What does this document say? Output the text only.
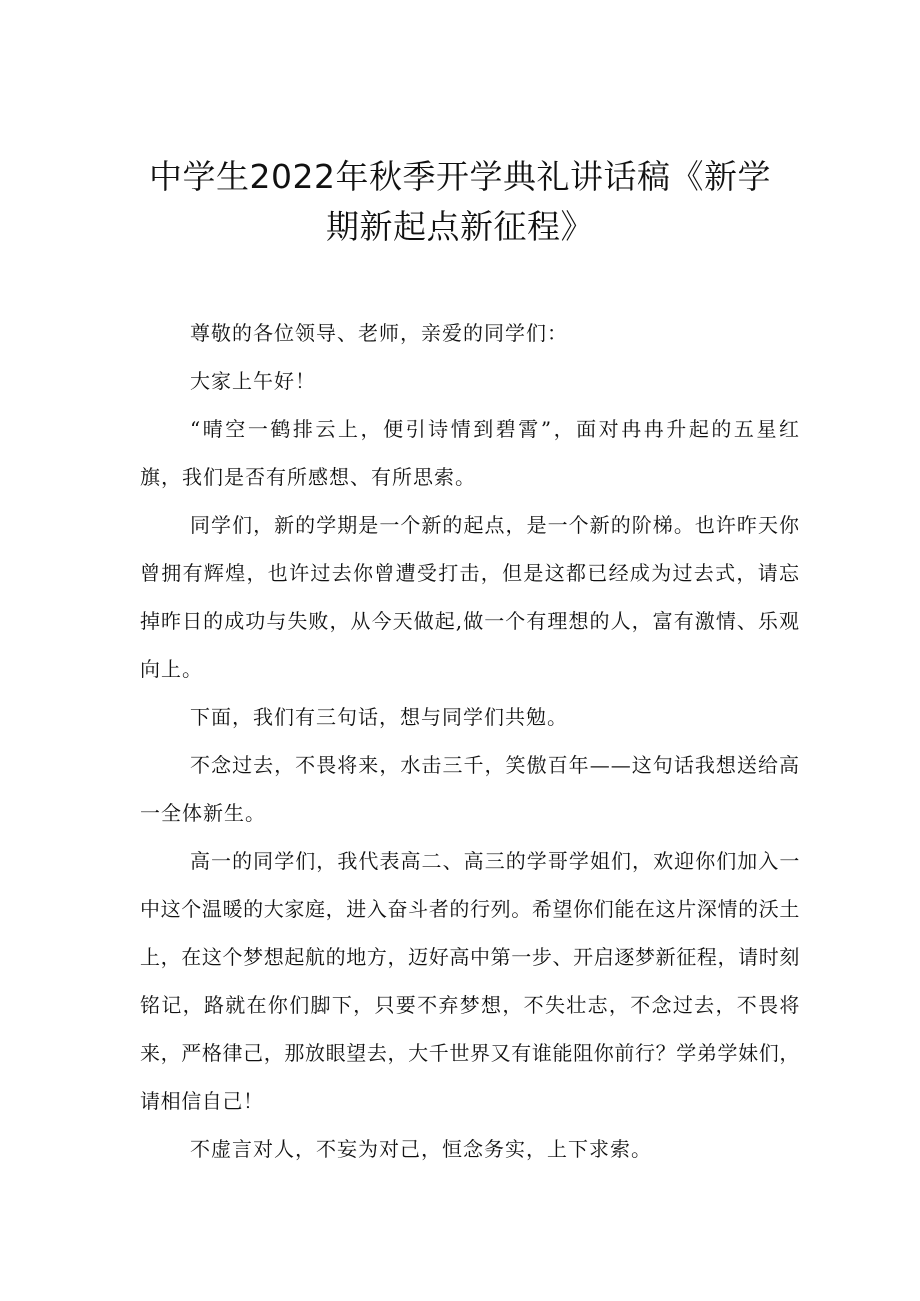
中学生2022年秋季开学典礼讲话稿《新学
期新起点新征程》

尊敬的各位领导、老师，亲爱的同学们：

大家上午好！

“晴空一鹤排云上，便引诗情到碧霄”，面对冉冉升起的五星红旗，我们是否有所感想、有所思索。

同学们，新的学期是一个新的起点，是一个新的阶梯。也许昨天你曾拥有辉煌，也许过去你曾遭受打击，但是这都已经成为过去式，请忘掉昨日的成功与失败，从今天做起,做一个有理想的人，富有激情、乐观向上。

下面，我们有三句话，想与同学们共勉。

不念过去，不畏将来，水击三千，笑傲百年——这句话我想送给高一全体新生。

高一的同学们，我代表高二、高三的学哥学姐们，欢迎你们加入一中这个温暖的大家庭，进入奋斗者的行列。希望你们能在这片深情的沃土上，在这个梦想起航的地方，迈好高中第一步、开启逐梦新征程，请时刻铭记，路就在你们脚下，只要不弃梦想，不失壮志，不念过去，不畏将来，严格律己，那放眼望去，大千世界又有谁能阻你前行？学弟学妹们，请相信自己！

不虚言对人，不妄为对己，恒念务实，上下求索。
